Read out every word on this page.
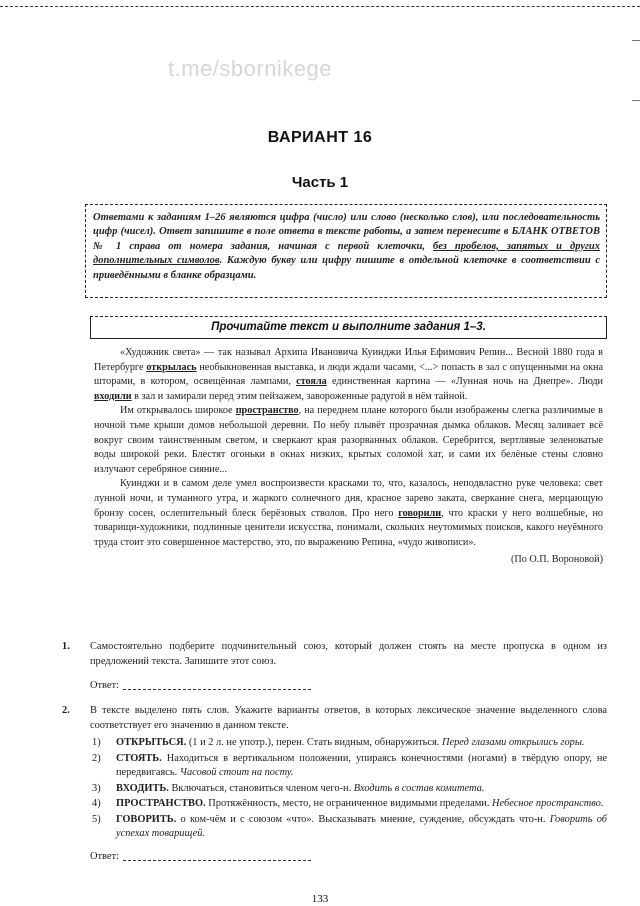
t.me/sbornikege
ВАРИАНТ 16
Часть 1
Ответами к заданиям 1–26 являются цифра (число) или слово (несколько слов), или последовательность цифр (чисел). Ответ запишите в поле ответа в тексте работы, а затем перенесите в БЛАНК ОТВЕТОВ № 1 справа от номера задания, начиная с первой клеточки, без пробелов, запятых и других дополнительных символов. Каждую букву или цифру пишите в отдельной клеточке в соответствии с приведёнными в бланке образцами.
Прочитайте текст и выполните задания 1–3.

«Художник света» — так называл Архипа Ивановича Куинджи Илья Ефимович Репин... Весной 1880 года в Петербурге открылась необыкновенная выставка, и люди ждали часами, <...> попасть в зал с опущенными на окна шторами, в котором, освещённая лампами, стояла единственная картина — «Лунная ночь на Днепре». Люди входили в зал и замирали перед этим пейзажем, завороженные радугой в нём тайной.

Им открывалось широкое пространство, на переднем плане которого были изображены слегка различимые в ночной тьме крыши домов небольшой деревни. По небу плывёт прозрачная дымка облаков. Месяц заливает всё вокруг своим таинственным светом, и сверкают края разорванных облаков. Серебрится, вертлявые зеленоватые воды широкой реки. Блестят огоньки в окнах низких, крытых соломой хат, и сами их белёные стены словно излучают серебряное сияние...

Куинджи и в самом деле умел воспроизвести красками то, что, казалось, неподвластно руке человека: свет лунной ночи, и туманного утра, и жаркого солнечного дня, красное зарево заката, сверкание снега, мерцающую бронзу сосен, ослепительный блеск берёзовых стволов. Про него говорили, что краски у него волшебные, но товарищи-художники, подлинные ценители искусства, понимали, скольких неутомимых поисков, какого неуёмного труда стоит это совершенное мастерство, это, по выражению Репина, «чудо живописи».

(По О.П. Вороновой)

1. Самостоятельно подберите подчинительный союз, который должен стоять на месте пропуска в одном из предложений текста. Запишите этот союз.
Ответ:
2. В тексте выделено пять слов. Укажите варианты ответов, в которых лексическое значение выделенного слова соответствует его значению в данном тексте.
1) ОТКРЫТЬСЯ. (1 и 2 л. не употр.), перен. Стать видным, обнаружиться. Перед глазами открылись горы.
2) СТОЯТЬ. Находиться в вертикальном положении, упираясь конечностями (ногами) в твёрдую опору, не передвигаясь. Часовой стоит на посту.
3) ВХОДИТЬ. Включаться, становиться членом чего-н. Входить в состав комитета.
4) ПРОСТРАНСТВО. Протяжённость, место, не ограниченное видимыми пределами. Небесное пространство.
5) ГОВОРИТЬ. о ком-чём и с союзом «что». Высказывать мнение, суждение, обсуждать что-н. Говорить об успехах товарищей.
Ответ:
133
